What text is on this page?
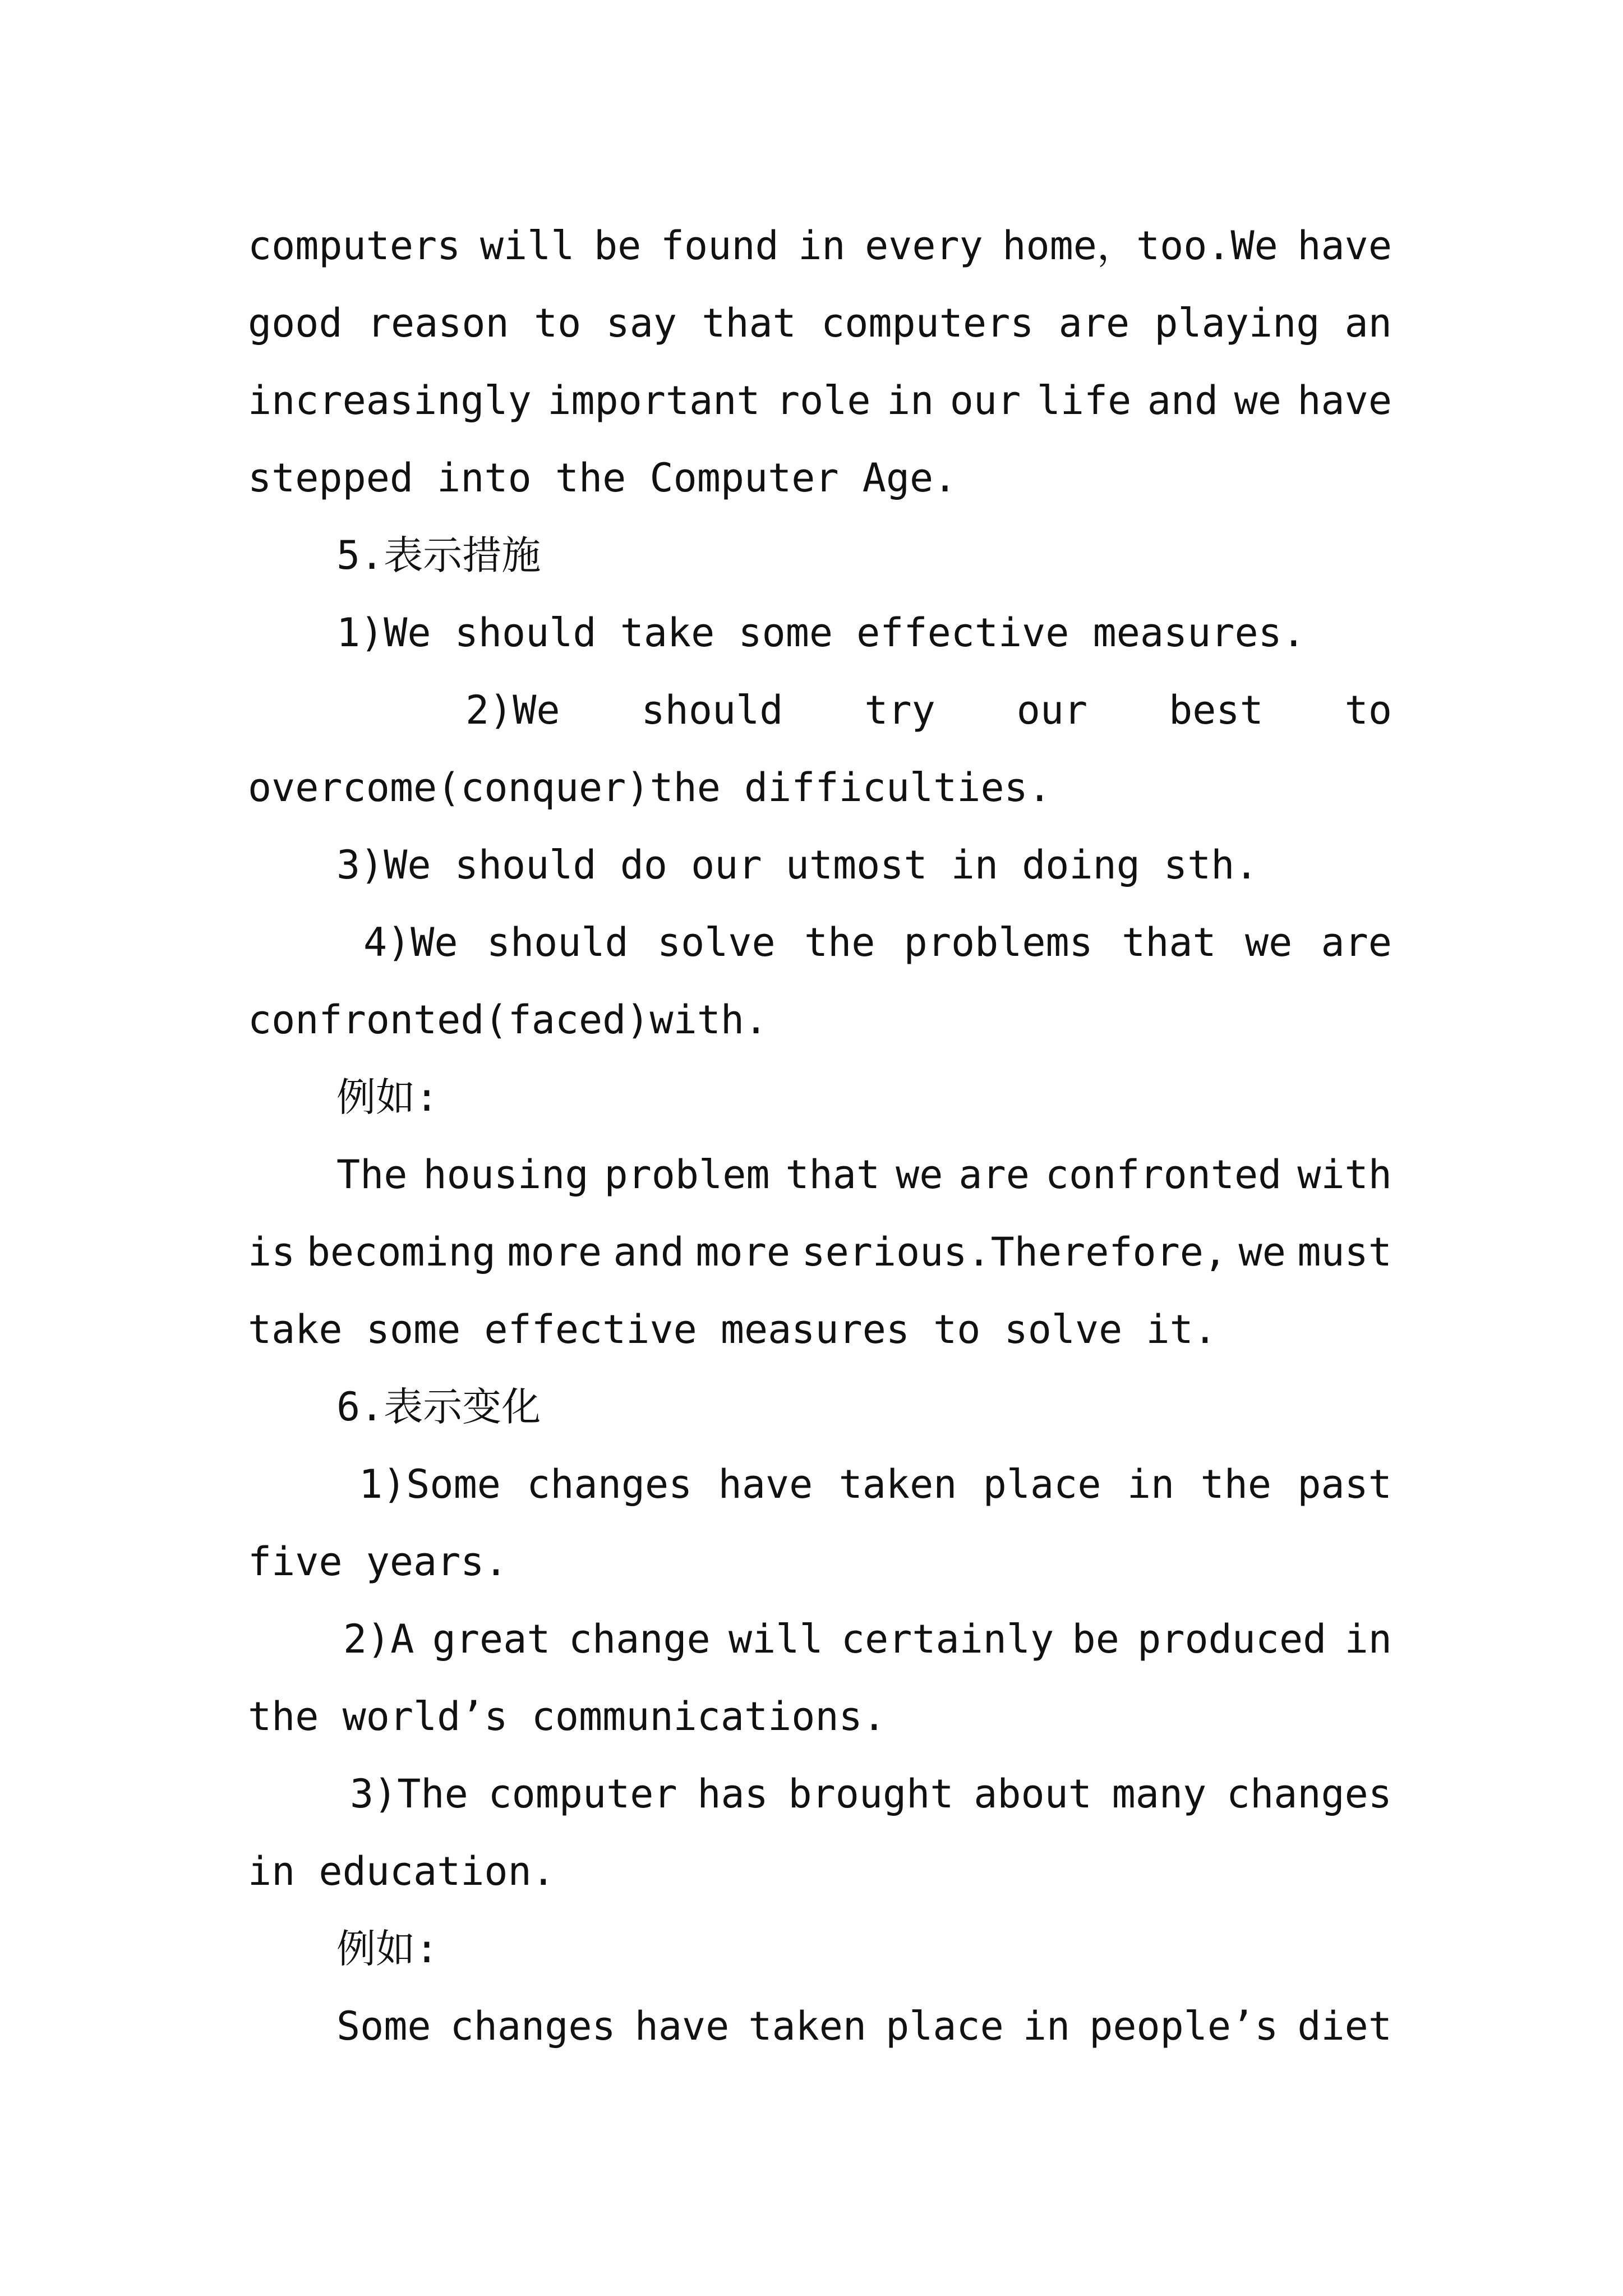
computers will be found in every home，too.We have
good reason to say that computers are playing an
increasingly important role in our life and we have
stepped into the Computer Age.
5.表示措施
1)We should take some effective measures.
2)We should try our best to
overcome(conquer)the difficulties.
3)We should do our utmost in doing sth.
4)We should solve the problems that we are
confronted(faced)with.
例如:
The housing problem that we are confronted with
is becoming more and more serious.Therefore, we must
take some effective measures to solve it.
6.表示变化
1)Some changes have taken place in the past
five years.
2)A great change will certainly be produced in
the world’s communications.
3)The computer has brought about many changes
in education.
例如:
Some changes have taken place in people’s diet
